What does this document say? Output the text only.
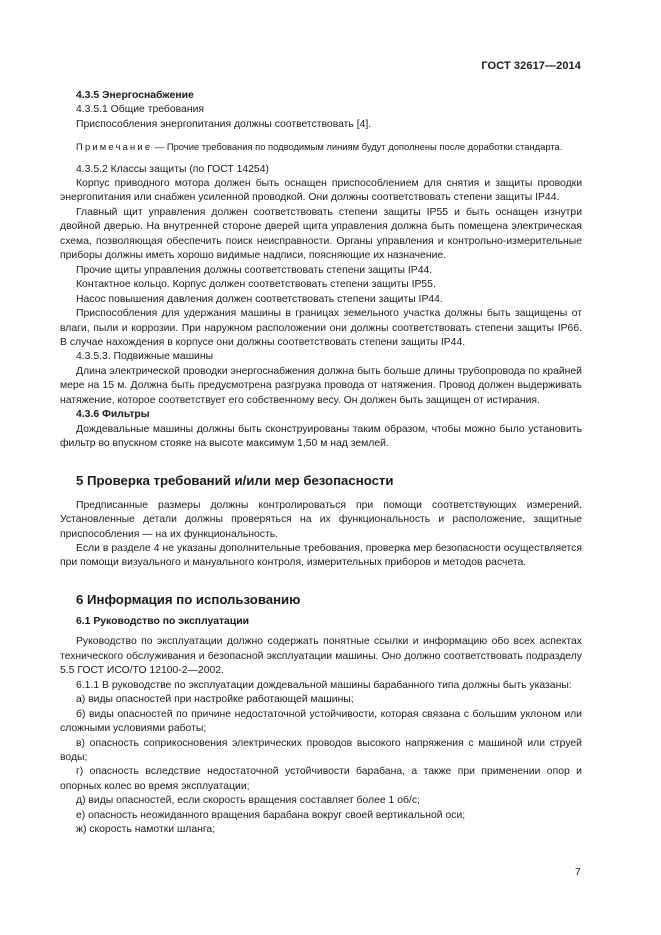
ГОСТ 32617—2014

4.3.5 Энергоснабжение

4.3.5.1 Общие требования

Приспособления энергопитания должны соответствовать [4].

Примечание — Прочие требования по подводимым линиям будут дополнены после доработки стандарта.

4.3.5.2 Классы защиты (по ГОСТ 14254)

Корпус приводного мотора должен быть оснащен приспособлением для снятия и защиты проводки энергопитания или снабжен усиленной проводкой. Они должны соответствовать степени защиты IP44.

Главный щит управления должен соответствовать степени защиты IP55 и быть оснащен изнутри двойной дверью. На внутренней стороне дверей щита управления должна быть помещена электрическая схема, позволяющая обеспечить поиск неисправности. Органы управления и контрольно-измерительные приборы должны иметь хорошо видимые надписи, поясняющие их назначение.

Прочие щиты управления должны соответствовать степени защиты IP44.

Контактное кольцо. Корпус должен соответствовать степени защиты IP55.

Насос повышения давления должен соответствовать степени защиты IP44.

Приспособления для удержания машины в границах земельного участка должны быть защищены от влаги, пыли и коррозии. При наружном расположении они должны соответствовать степени защиты IP66. В случае нахождения в корпусе они должны соответствовать степени защиты IP44.

4.3.5.3. Подвижные машины

Длина электрической проводки энергоснабжения должна быть больше длины трубопровода по крайней мере на 15 м. Должна быть предусмотрена разгрузка провода от натяжения. Провод должен выдерживать натяжение, которое соответствует его собственному весу. Он должен быть защищен от истирания.

4.3.6 Фильтры

Дождевальные машины должны быть сконструированы таким образом, чтобы можно было установить фильтр во впускном стояке на высоте максимум 1,50 м над землей.

5 Проверка требований и/или мер безопасности

Предписанные размеры должны контролироваться при помощи соответствующих измерений. Установленные детали должны проверяться на их функциональность и расположение, защитные приспособления — на их функциональность.

Если в разделе 4 не указаны дополнительные требования, проверка мер безопасности осуществляется при помощи визуального и мануального контроля, измерительных приборов и методов расчета.

6 Информация по использованию

6.1 Руководство по эксплуатации

Руководство по эксплуатации должно содержать понятные ссылки и информацию обо всех аспектах технического обслуживания и безопасной эксплуатации машины. Оно должно соответствовать подразделу 5.5 ГОСТ ИСО/ТО 12100-2—2002.

6.1.1 В руководстве по эксплуатации дождевальной машины барабанного типа должны быть указаны:

а) виды опасностей при настройке работающей машины;

б) виды опасностей по причине недостаточной устойчивости, которая связана с большим уклоном или сложными условиями работы;

в) опасность соприкосновения электрических проводов высокого напряжения с машиной или струей воды;

г) опасность вследствие недостаточной устойчивости барабана, а также при применении опор и опорных колес во время эксплуатации;

д) виды опасностей, если скорость вращения составляет более 1 об/с;

е) опасность неожиданного вращения барабана вокруг своей вертикальной оси;

ж) скорость намотки шланга;

7
